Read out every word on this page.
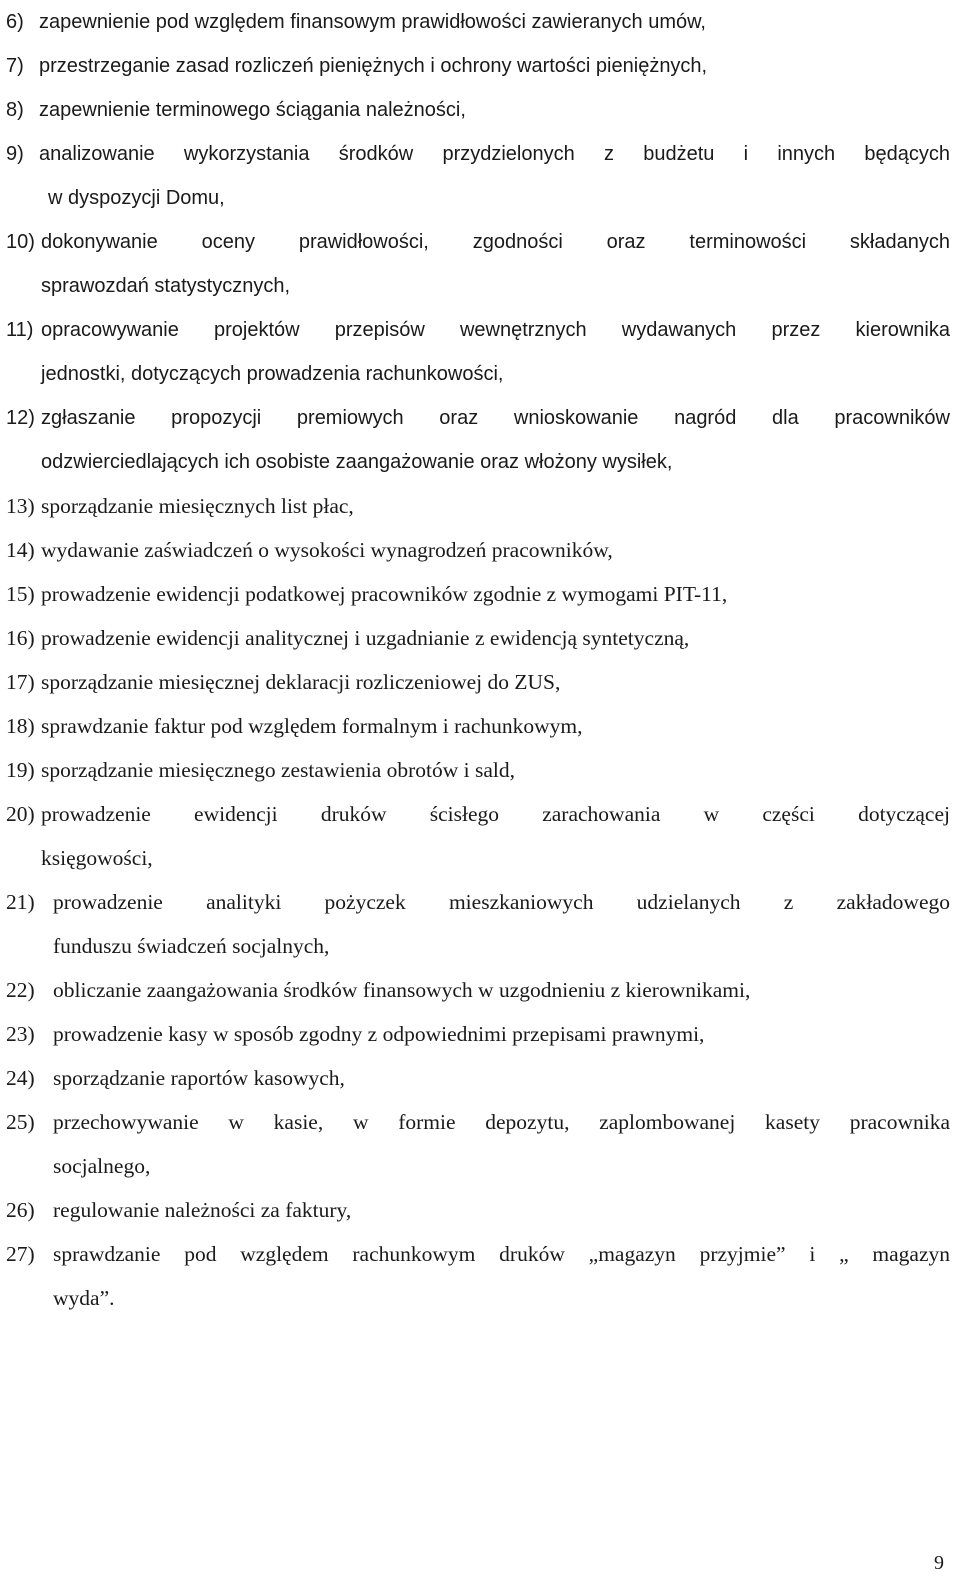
6) zapewnienie pod względem finansowym prawidłowości zawieranych umów,
7) przestrzeganie zasad rozliczeń pieniężnych i ochrony wartości pieniężnych,
8) zapewnienie terminowego ściągania należności,
9) analizowanie wykorzystania środków przydzielonych z budżetu i innych będących
w dyspozycji Domu,
10) dokonywanie oceny prawidłowości, zgodności oraz terminowości składanych
sprawozdań statystycznych,
11) opracowywanie projektów przepisów wewnętrznych wydawanych przez kierownika
jednostki, dotyczących prowadzenia rachunkowości,
12) zgłaszanie propozycji premiowych oraz wnioskowanie nagród dla pracowników
odzwierciedlających ich osobiste zaangażowanie oraz włożony wysiłek,
13) sporządzanie miesięcznych list płac,
14) wydawanie zaświadczeń o wysokości wynagrodzeń pracowników,
15) prowadzenie ewidencji podatkowej pracowników zgodnie z wymogami PIT-11,
16) prowadzenie ewidencji analitycznej i uzgadnianie z ewidencją syntetyczną,
17) sporządzanie miesięcznej deklaracji rozliczeniowej do ZUS,
18) sprawdzanie faktur pod względem formalnym i rachunkowym,
19) sporządzanie miesięcznego zestawienia obrotów i sald,
20) prowadzenie ewidencji druków ścisłego zarachowania w części dotyczącej
księgowości,
21) prowadzenie analityki pożyczek mieszkaniowych udzielanych z zakładowego
funduszu świadczeń socjalnych,
22) obliczanie zaangażowania środków finansowych w uzgodnieniu z kierownikami,
23) prowadzenie kasy w sposób zgodny z odpowiednimi przepisami prawnymi,
24) sporządzanie raportów kasowych,
25) przechowywanie w kasie, w formie depozytu, zaplombowanej kasety pracownika
socjalnego,
26) regulowanie należności za faktury,
27) sprawdzanie pod względem rachunkowym druków „magazyn przyjmie” i „ magazyn
wyda”.
9
